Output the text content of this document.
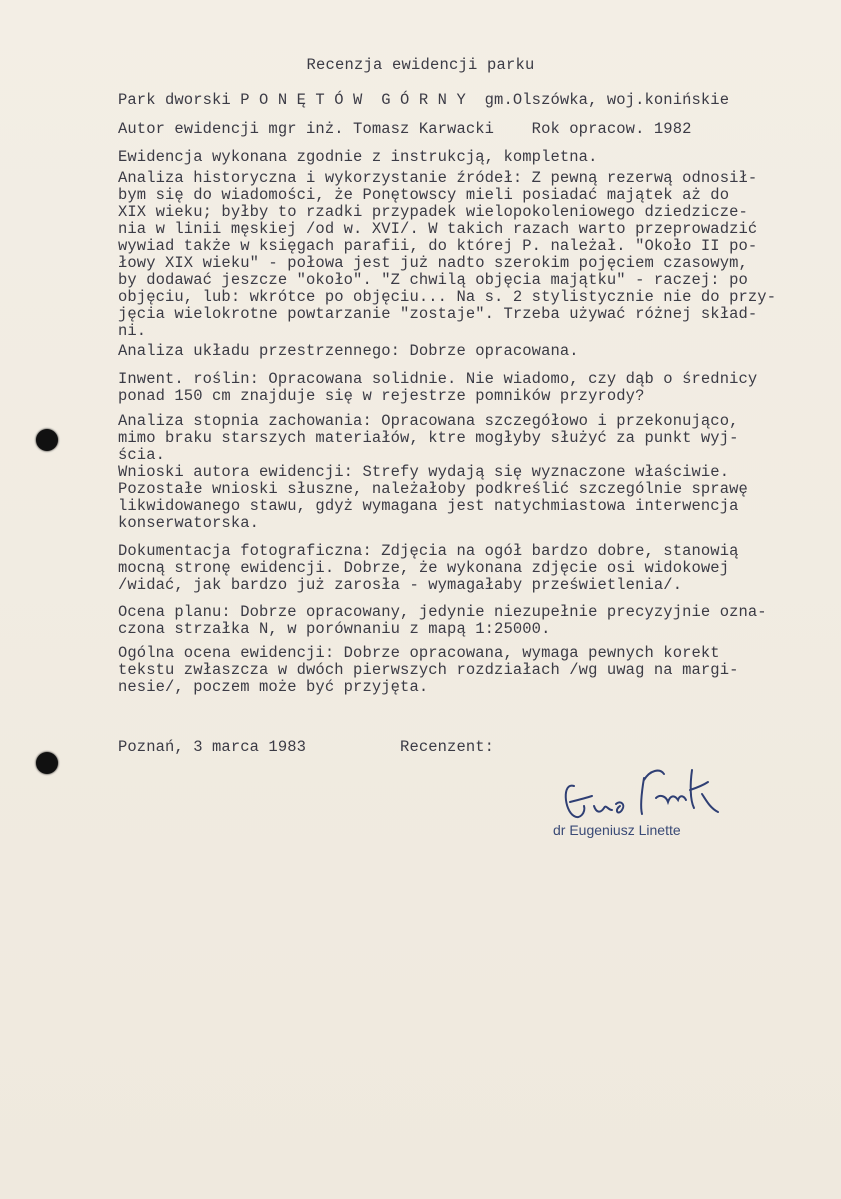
Recenzja ewidencji parku
Park dworski P O N Ę T Ó W  G Ó R N Y  gm.Olszówka, woj.konińskie
Autor ewidencji mgr inż. Tomasz Karwacki    Rok opracow. 1982
Ewidencja wykonana zgodnie z instrukcją, kompletna.
Analiza historyczna i wykorzystanie źródeł: Z pewną rezerwą odnosił-
bym się do wiadomości, że Ponętowscy mieli posiadać majątek aż do
XIX wieku; byłby to rzadki przypadek wielopokoleniowego dziedziczе-
nia w linii męskiej /od w. XVI/. W takich razach warto przeprowadzić
wywiad także w księgach parafii, do której P. należał. "Około II po-
łowy XIX wieku" - połowa jest już nadto szerokim pojęciem czasowym,
by dodawać jeszcze "około". "Z chwilą objęcia majątku" - raczej: po
objęciu, lub: wkrótce po objęciu... Na s. 2 stylistycznie nie do przy-
jęcia wielokrotne powtarzanie "zostaje". Trzeba używać różnej skład-
ni.
Analiza układu przestrzennego: Dobrze opracowana.
Inwent. roślin: Opracowana solidnie. Nie wiadomo, czy dąb o średnicy
ponad 150 cm znajduje się w rejestrze pomników przyrody?
Analiza stopnia zachowania: Opracowana szczegółowo i przekonująco,
mimo braku starszych materiałów, ktre mogłyby służyć za punkt wyj-
ścia.
Wnioski autora ewidencji: Strefy wydają się wyznaczone właściwie.
Pozostałe wnioski słuszne, należałoby podkreślić szczególnie sprawę
likwidowanego stawu, gdyż wymagana jest natychmiastowa interwencja
konserwatorska.
Dokumentacja fotograficzna: Zdjęcia na ogół bardzo dobre, stanowią
mocną stronę ewidencji. Dobrze, że wykonana zdjęcie osi widokowej
/widać, jak bardzo już zarosła - wymagałaby prześwietlenia/.
Ocena planu: Dobrze opracowany, jedynie niezupełnie precyzyjnie ozna-
czona strzałka N, w porównaniu z mapą 1:25000.
Ogólna ocena ewidencji: Dobrze opracowana, wymaga pewnych korekt
tekstu zwłaszcza w dwóch pierwszych rozdziałach /wg uwag na margi-
nesie/, poczem może być przyjęta.
Poznań, 3 marca 1983          Recenzent:
dr Eugeniusz Linette
